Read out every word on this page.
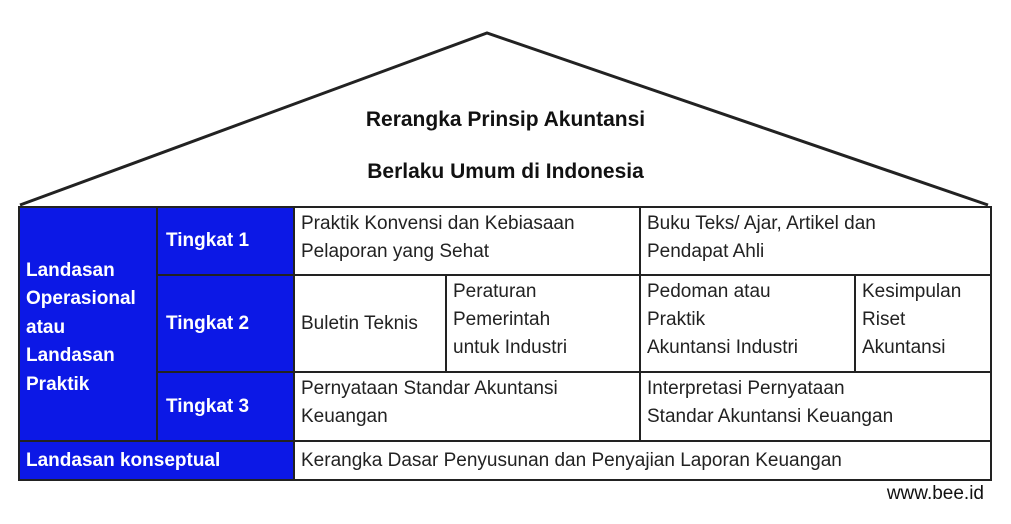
Rerangka Prinsip Akuntansi
Berlaku Umum di Indonesia
Landasan
Operasional
atau
Landasan
Praktik
Tingkat 1
Tingkat 2
Tingkat 3
Praktik Konvensi dan Kebiasaan
Pelaporan yang Sehat
Buku Teks/ Ajar, Artikel dan
Pendapat Ahli
Buletin Teknis
Peraturan
Pemerintah
untuk Industri
Pedoman atau
Praktik
Akuntansi Industri
Kesimpulan
Riset
Akuntansi
Pernyataan Standar Akuntansi
Keuangan
Interpretasi Pernyataan
Standar Akuntansi Keuangan
Landasan konseptual	Kerangka Dasar Penyusunan dan Penyajian Laporan Keuangan
www.bee.id
